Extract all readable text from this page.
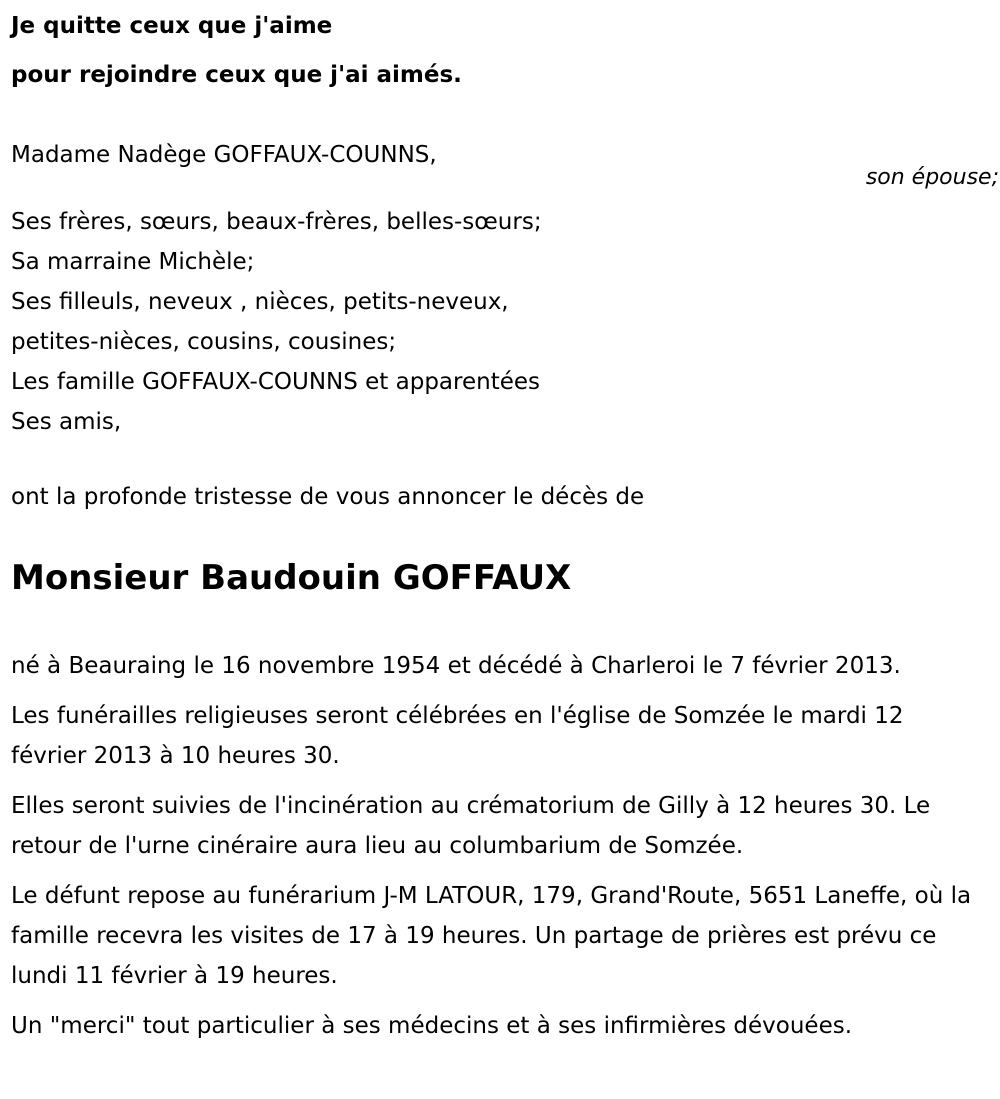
Je quitte ceux que j'aime

pour rejoindre ceux que j'ai aimés.

Madame Nadège GOFFAUX-COUNNS,
son épouse;
Ses frères, sœurs, beaux-frères, belles-sœurs;
Sa marraine Michèle;
Ses filleuls, neveux , nièces, petits-neveux,
petites-nièces, cousins, cousines;
Les famille GOFFAUX-COUNNS et apparentées
Ses amis,
ont la profonde tristesse de vous annoncer le décès de
Monsieur Baudouin GOFFAUX

né à Beauraing le 16 novembre 1954 et décédé à Charleroi le 7 février 2013.

Les funérailles religieuses seront célébrées en l'église de Somzée le mardi 12 février 2013 à 10 heures 30.

Elles seront suivies de l'incinération au crématorium de Gilly à 12 heures 30. Le retour de l'urne cinéraire aura lieu au columbarium de Somzée.

Le défunt repose au funérarium J-M LATOUR, 179, Grand'Route, 5651 Laneffe, où la famille recevra les visites de 17 à 19 heures. Un partage de prières est prévu ce lundi 11 février à 19 heures.

Un "merci" tout particulier à ses médecins et à ses infirmières dévouées.
